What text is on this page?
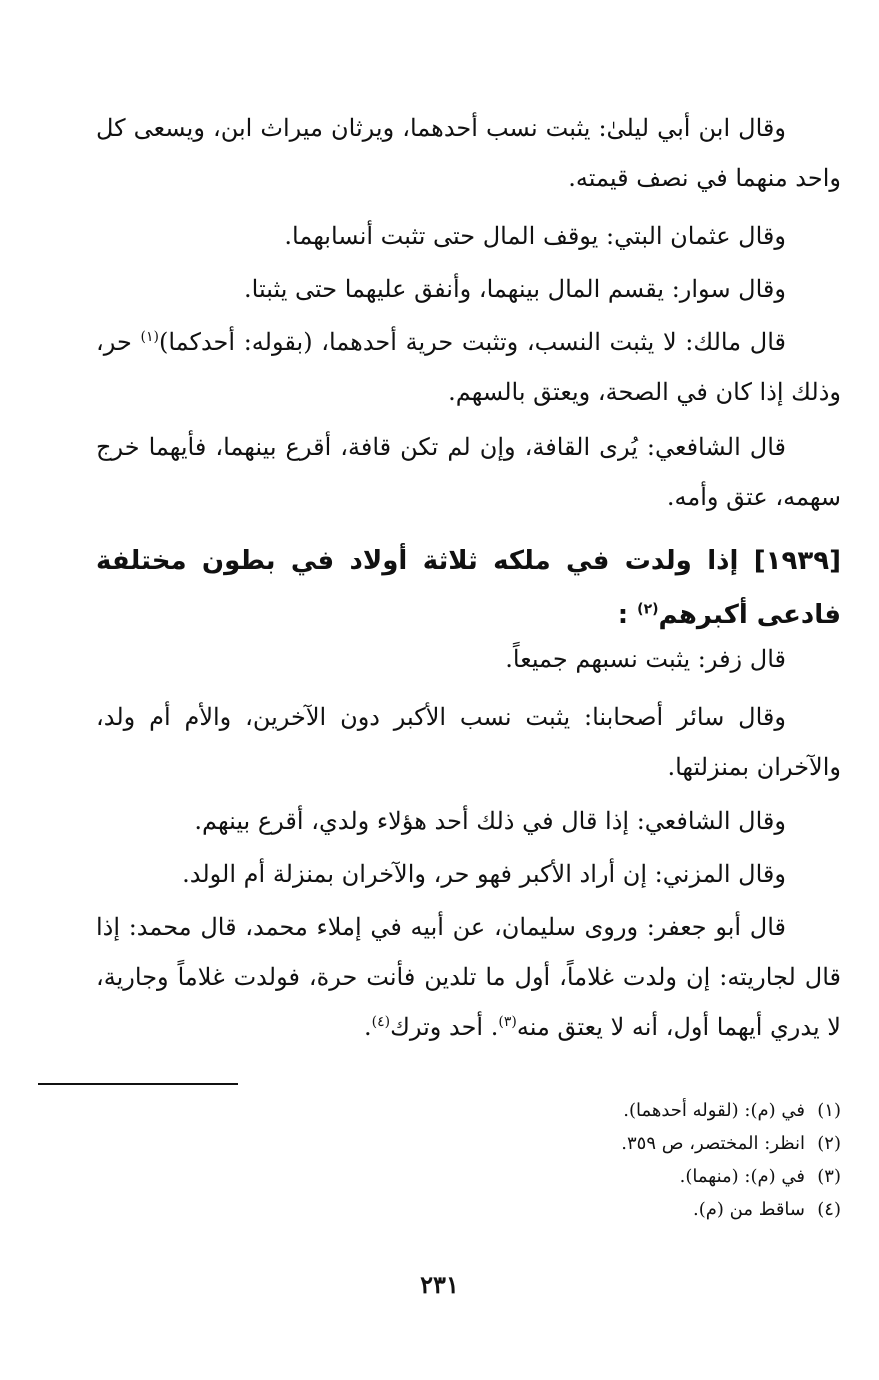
وقال ابن أبي ليلىٰ: يثبت نسب أحدهما، ويرثان ميراث ابن، ويسعى كل واحد منهما في نصف قيمته.

وقال عثمان البتي: يوقف المال حتى تثبت أنسابهما.

وقال سوار: يقسم المال بينهما، وأنفق عليهما حتى يثبتا.

قال مالك: لا يثبت النسب، وتثبت حرية أحدهما، (بقوله: أحدكما)$^{(١)}$ حر، وذلك إذا كان في الصحة، ويعتق بالسهم.

قال الشافعي: يُرى القافة، وإن لم تكن قافة، أقرع بينهما، فأيهما خرج سهمه، عتق وأمه.

[١٩٣٩] إذا ولدت في ملكه ثلاثة أولاد في بطون مختلفة فادعى أكبرهم$^{(٢)}$ :

قال زفر: يثبت نسبهم جميعاً.

وقال سائر أصحابنا: يثبت نسب الأكبر دون الآخرين، والأم أم ولد، والآخران بمنزلتها.

وقال الشافعي: إذا قال في ذلك أحد هؤلاء ولدي، أقرع بينهم.

وقال المزني: إن أراد الأكبر فهو حر، والآخران بمنزلة أم الولد.

قال أبو جعفر: وروى سليمان، عن أبيه في إملاء محمد، قال محمد: إذا قال لجاريته: إن ولدت غلاماً، أول ما تلدين فأنت حرة، فولدت غلاماً وجارية، لا يدري أيهما أول، أنه لا يعتق منه$^{(٣)}$. أحد وترك$^{(٤)}$.

(١)في (م): (لقوله أحدهما).
(٢)انظر: المختصر، ص ٣٥٩.
(٣)في (م): (منهما).
(٤)ساقط من (م).
٢٣١
